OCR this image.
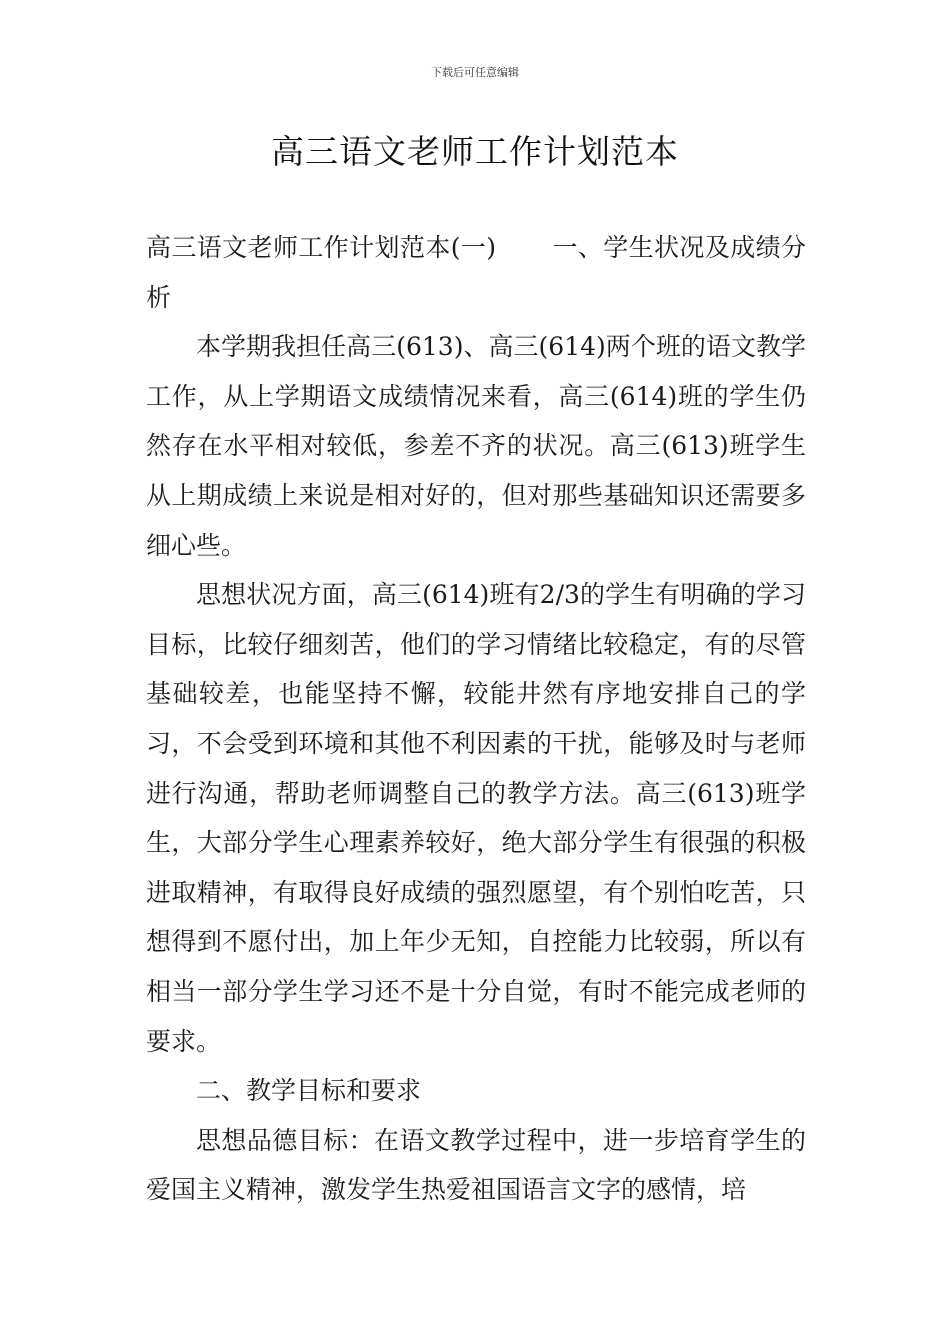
下载后可任意编辑
高三语文老师工作计划范本

高三语文老师工作计划范本(一) 一、学生状况及成绩分析

本学期我担任高三(613)、高三(614)两个班的语文教学工作，从上学期语文成绩情况来看，高三(614)班的学生仍然存在水平相对较低，参差不齐的状况。高三(613)班学生从上期成绩上来说是相对好的，但对那些基础知识还需要多细心些。

思想状况方面，高三(614)班有2/3的学生有明确的学习目标，比较仔细刻苦，他们的学习情绪比较稳定，有的尽管基础较差，也能坚持不懈，较能井然有序地安排自己的学习，不会受到环境和其他不利因素的干扰，能够及时与老师进行沟通，帮助老师调整自己的教学方法。高三(613)班学生，大部分学生心理素养较好，绝大部分学生有很强的积极进取精神，有取得良好成绩的强烈愿望，有个别怕吃苦，只想得到不愿付出，加上年少无知，自控能力比较弱，所以有相当一部分学生学习还不是十分自觉，有时不能完成老师的要求。

二、教学目标和要求

思想品德目标：在语文教学过程中，进一步培育学生的爱国主义精神，激发学生热爱祖国语言文字的感情，培
